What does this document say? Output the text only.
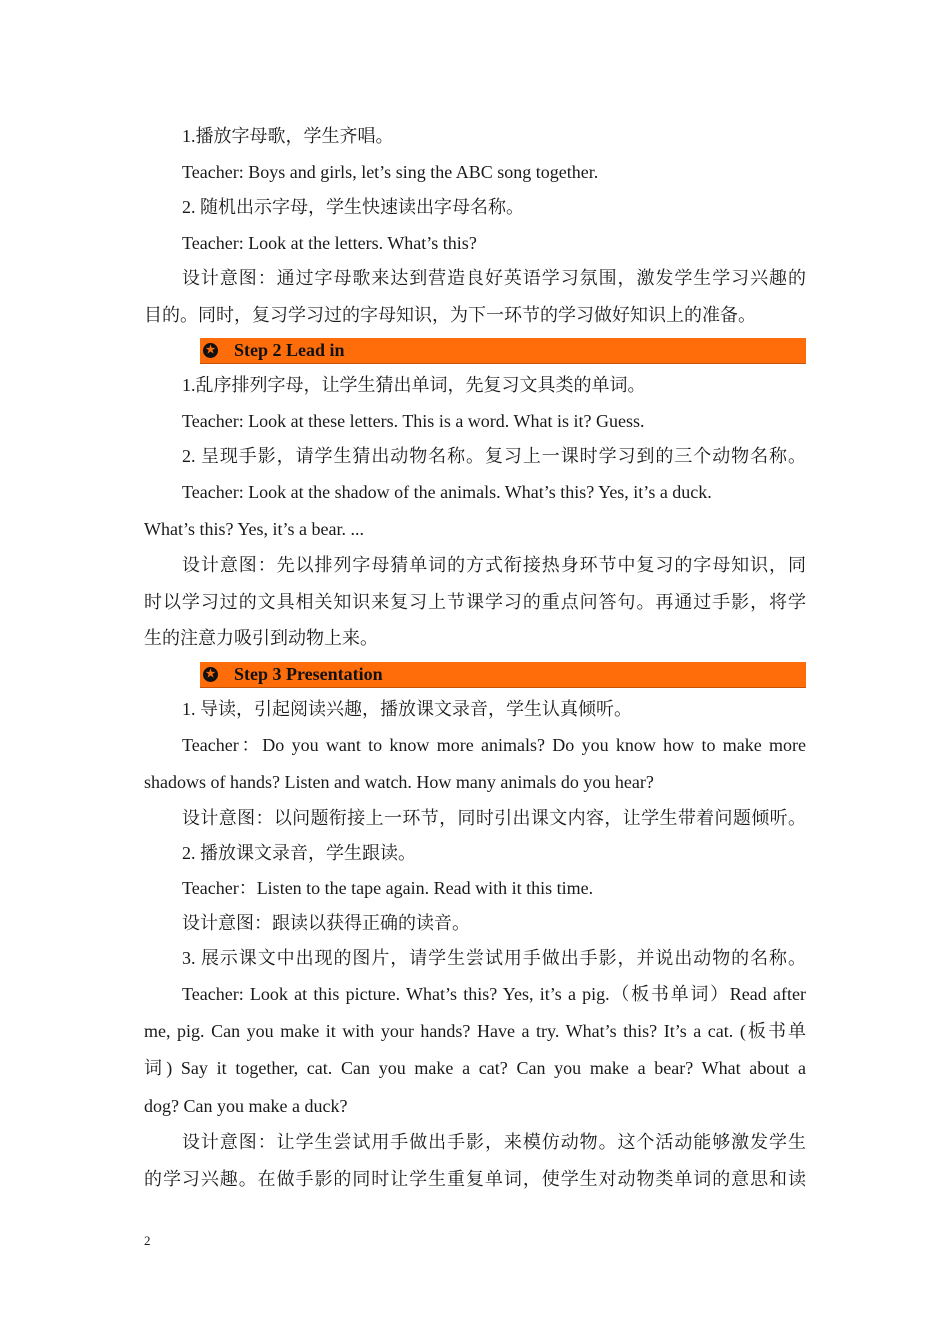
1.播放字母歌，学生齐唱。

Teacher: Boys and girls, let’s sing the ABC song together.

2. 随机出示字母，学生快速读出字母名称。

Teacher: Look at the letters. What’s this?

设计意图：通过字母歌来达到营造良好英语学习氛围，激发学生学习兴趣的

目的。同时，复习学习过的字母知识，为下一环节的学习做好知识上的准备。

★ Step 2 Lead in

1.乱序排列字母，让学生猜出单词，先复习文具类的单词。

Teacher: Look at these letters. This is a word. What is it? Guess.

2. 呈现手影，请学生猜出动物名称。复习上一课时学习到的三个动物名称。

Teacher: Look at the shadow of the animals. What’s this? Yes, it’s a duck.

What’s this? Yes, it’s a bear. ...

设计意图：先以排列字母猜单词的方式衔接热身环节中复习的字母知识，同

时以学习过的文具相关知识来复习上节课学习的重点问答句。再通过手影，将学

生的注意力吸引到动物上来。

★ Step 3 Presentation

1. 导读，引起阅读兴趣，播放课文录音，学生认真倾听。

Teacher：Do you want to know more animals? Do you know how to make more

shadows of hands? Listen and watch. How many animals do you hear?

设计意图：以问题衔接上一环节，同时引出课文内容，让学生带着问题倾听。

2. 播放课文录音，学生跟读。

Teacher：Listen to the tape again. Read with it this time.

设计意图：跟读以获得正确的读音。

3. 展示课文中出现的图片，请学生尝试用手做出手影，并说出动物的名称。

Teacher: Look at this picture. What’s this? Yes, it’s a pig.（板书单词）Read after

me, pig. Can you make it with your hands? Have a try. What’s this? It’s a cat. (板书单

词) Say it together, cat. Can you make a cat? Can you make a bear? What about a

dog? Can you make a duck?

设计意图：让学生尝试用手做出手影，来模仿动物。这个活动能够激发学生

的学习兴趣。在做手影的同时让学生重复单词，使学生对动物类单词的意思和读

2
